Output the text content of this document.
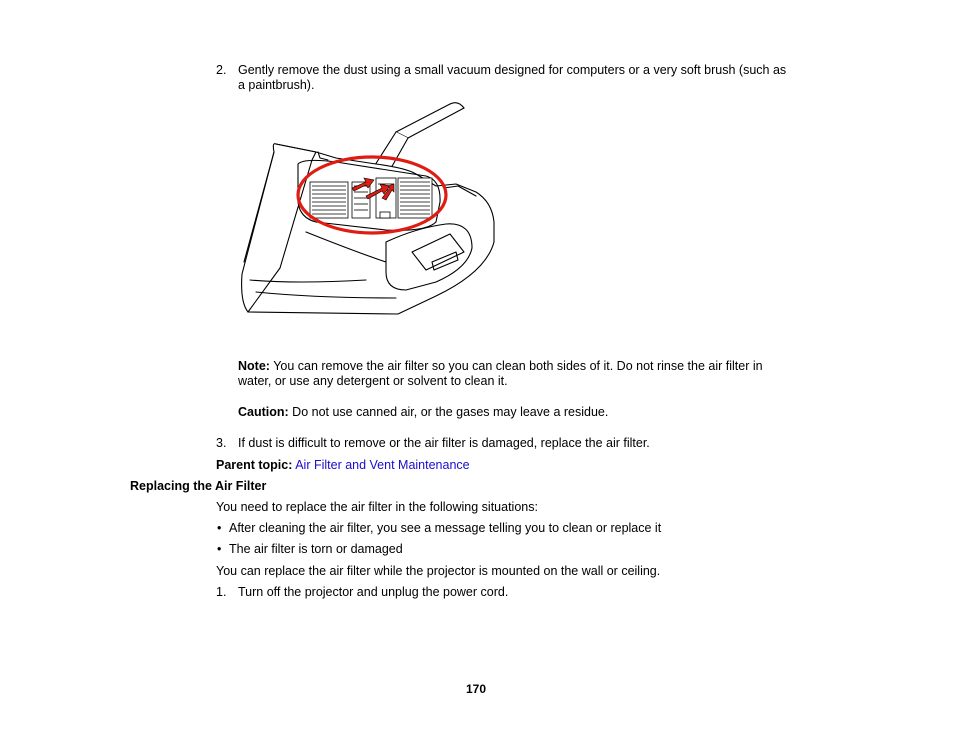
2. Gently remove the dust using a small vacuum designed for computers or a very soft brush (such as
a paintbrush).
Note: You can remove the air filter so you can clean both sides of it. Do not rinse the air filter in
water, or use any detergent or solvent to clean it.
Caution: Do not use canned air, or the gases may leave a residue.
3. If dust is difficult to remove or the air filter is damaged, replace the air filter.
Parent topic: Air Filter and Vent Maintenance
Replacing the Air Filter
You need to replace the air filter in the following situations:
• After cleaning the air filter, you see a message telling you to clean or replace it
• The air filter is torn or damaged
You can replace the air filter while the projector is mounted on the wall or ceiling.
1. Turn off the projector and unplug the power cord.
170
